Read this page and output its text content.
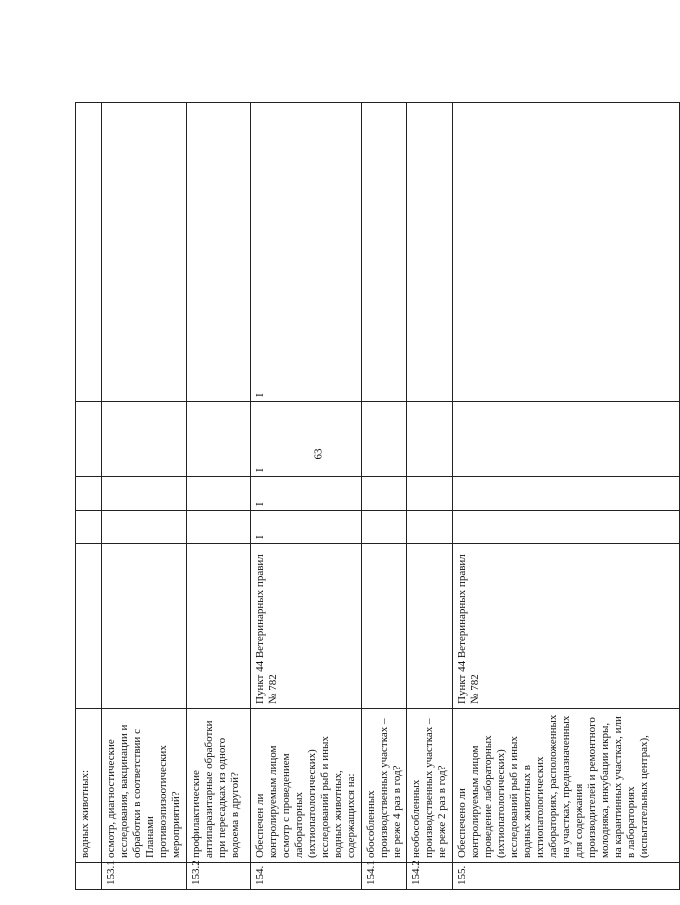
63
	водных животных:					
153.1	осмотр, диагностические исследования, вакцинации и обработки в соответствии с Планами противоэпизоотических мероприятий?					
153.2	профилактические антипаразитарные обработки при пересадках из одного водоема в другой?					
154.	Обеспечен ли контролируемым лицом осмотр с проведением лабораторных (ихтиопатологических) исследований рыб и иных водных животных, содержащихся на:	Пункт 44 Ветеринарных правил № 782	I	I	I	I
154.1	обособленных производственных участках – не реже 4 раз в год?					
154.2	необособленных производственных участках – не реже 2 раз в год?					
155.	Обеспечено ли контролируемым лицом проведение лабораторных (ихтиопатологических) исследований рыб и иных водных животных в ихтиопатологических лабораториях, расположенных на участках, предназначенных для содержания производителей и ремонтного молодняка, инкубации икры, на карантинных участках, или в лабораториях (испытательных центрах),	Пункт 44 Ветеринарных правил № 782				
